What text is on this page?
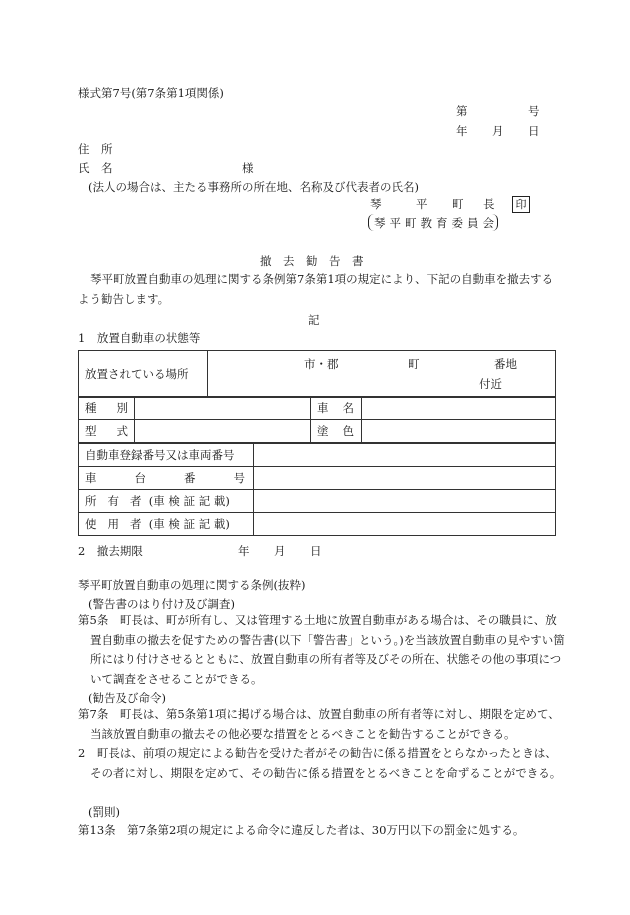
様式第7号(第7条第1項関係)
第	号
年 月 日
住　所
氏　名	様
(法人の場合は、主たる事務所の所在地、名称及び代表者の氏名)
琴	平 町 長	印
琴平町教育委員会
撤　去　勧　告　書
琴平町放置自動車の処理に関する条例第7条第1項の規定により、下記の自動車を撤去するよう勧告します。
記
1　放置自動車の状態等
放置されている場所	
市・郡	町	番地
付近
種 別		車 名	
型 式		塗 色	
自動車登録番号又は車両番号	
車 台 番 号	
所 有 者 (車 検 証 記 載)	
使 用 者 (車 検 証 記 載)	
2　撤去期限	年 月 日
琴平町放置自動車の処理に関する条例(抜粋)
(警告書のはり付け及び調査)
第5条　町長は、町が所有し、又は管理する土地に放置自動車がある場合は、その職員に、放置自動車の撤去を促すための警告書(以下「警告書」という。)を当該放置自動車の見やすい箇所にはり付けさせるとともに、放置自動車の所有者等及びその所在、状態その他の事項について調査をさせることができる。
(勧告及び命令)
第7条　町長は、第5条第1項に掲げる場合は、放置自動車の所有者等に対し、期限を定めて、当該放置自動車の撤去その他必要な措置をとるべきことを勧告することができる。
2　町長は、前項の規定による勧告を受けた者がその勧告に係る措置をとらなかったときは、その者に対し、期限を定めて、その勧告に係る措置をとるべきことを命ずることができる。
(罰則)
第13条　第7条第2項の規定による命令に違反した者は、30万円以下の罰金に処する。
